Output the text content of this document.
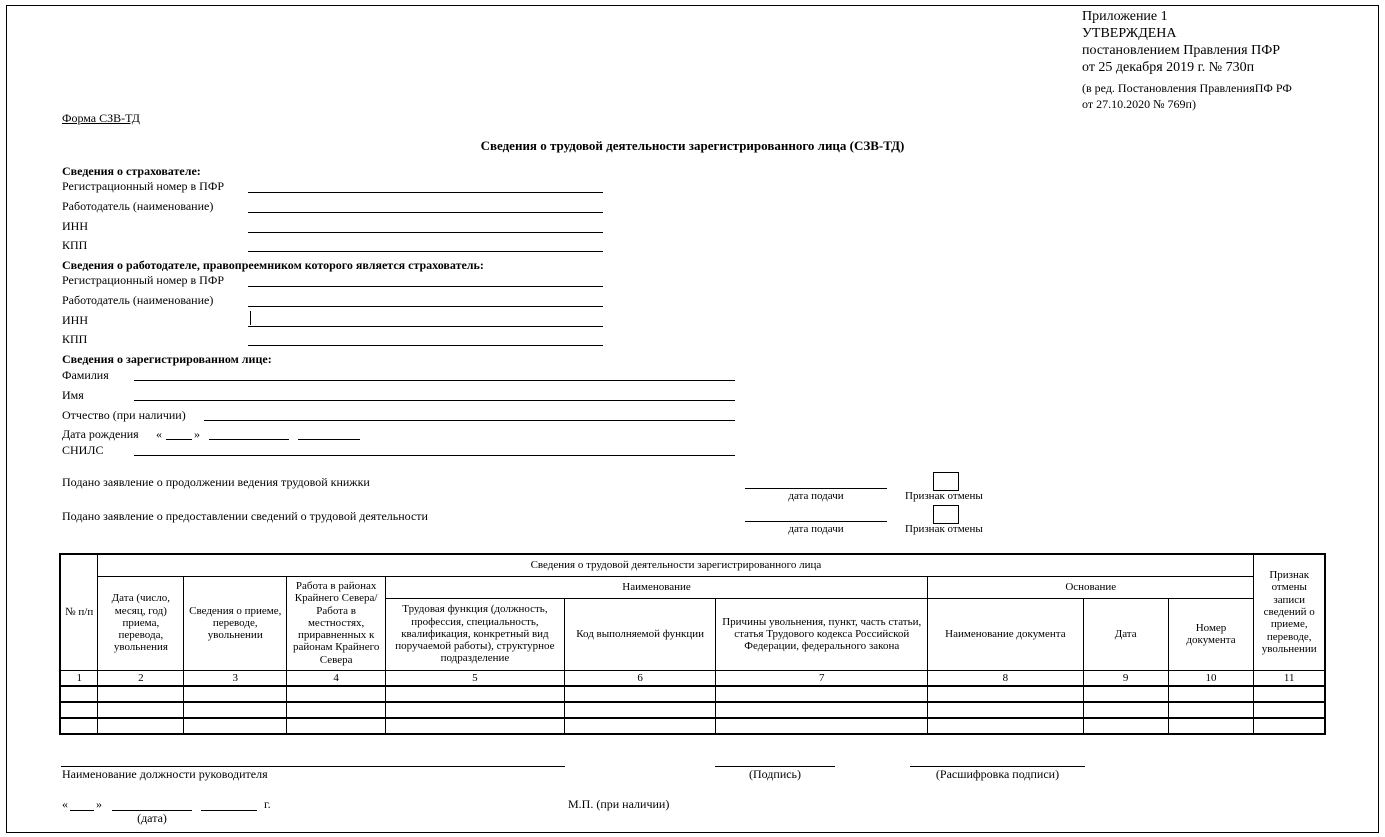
Приложение 1
УТВЕРЖДЕНА
постановлением Правления ПФР
от 25 декабря 2019 г. № 730п
(в ред. Постановления ПравленияПФ РФ
от 27.10.2020 № 769п)
Форма СЗВ-ТД
Сведения о трудовой деятельности зарегистрированного лица (СЗВ-ТД)
Сведения о страхователе:
Регистрационный номер в ПФР
Работодатель (наименование)
ИНН
КПП
Сведения о работодателе, правопреемником которого является страхователь:
Регистрационный номер в ПФР
Работодатель (наименование)
ИНН
КПП
Сведения о зарегистрированном лице:
Фамилия
Имя
Отчество (при наличии)
Дата рождения «	»
СНИЛС
Подано заявление о продолжении ведения трудовой книжки
дата подачи	Признак отмены
Подано заявление о предоставлении сведений о трудовой деятельности
дата подачи	Признак отмены
№ п/п	Сведения о трудовой деятельности зарегистрированного лица									Признак отмены записи сведений о приеме, переводе, увольнении
	Дата (число, месяц, год) приема, перевода, увольнения	Сведения о приеме, переводе, увольнении	Работа в районах Крайнего Севера/Работа в местностях, приравненных к районам Крайнего Севера	Наименование			Основание			
				Трудовая функция (должность, профессия, специальность, квалификация, конкретный вид поручаемой работы), структурное подразделение	Код выполняемой функции	Причины увольнения, пункт, часть статьи, статья Трудового кодекса Российской Федерации, федерального закона	Наименование документа	Дата	Номер документа	
1	2	3	4	5	6	7	8	9	10	11

Наименование должности руководителя	(Подпись)	(Расшифровка подписи)
« »	г.
(дата)
М.П. (при наличии)
